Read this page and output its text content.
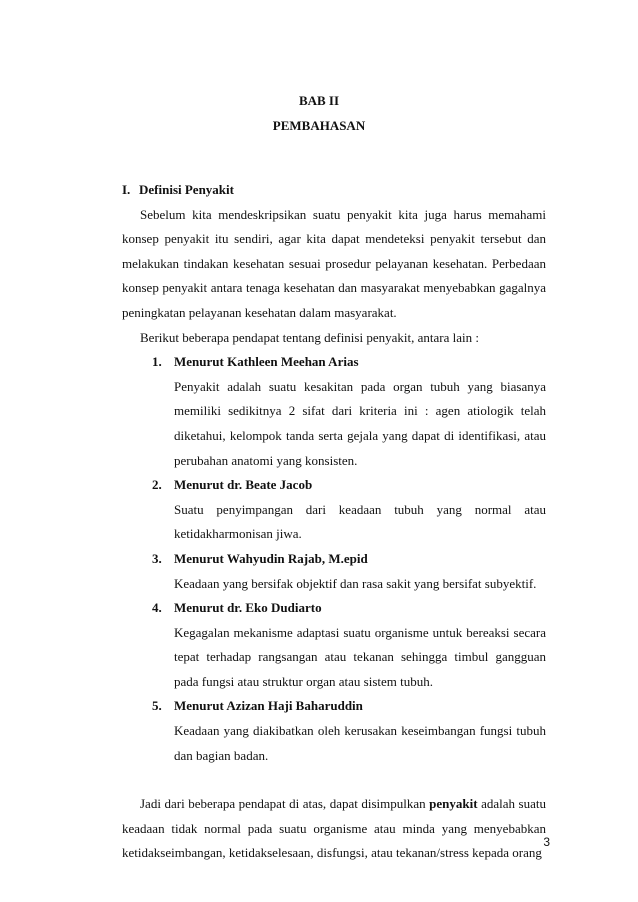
BAB II
PEMBAHASAN
I. Definisi Penyakit

Sebelum kita mendeskripsikan suatu penyakit kita juga harus memahami konsep penyakit itu sendiri, agar kita dapat mendeteksi penyakit tersebut dan melakukan tindakan kesehatan sesuai prosedur pelayanan kesehatan. Perbedaan konsep penyakit antara tenaga kesehatan dan masyarakat menyebabkan gagalnya peningkatan pelayanan kesehatan dalam masyarakat.

Berikut beberapa pendapat tentang definisi penyakit, antara lain :

1. Menurut Kathleen Meehan Arias
Penyakit adalah suatu kesakitan pada organ tubuh yang biasanya memiliki sedikitnya 2 sifat dari kriteria ini : agen atiologik telah diketahui, kelompok tanda serta gejala yang dapat di identifikasi, atau perubahan anatomi yang konsisten.
2. Menurut dr. Beate Jacob
Suatu penyimpangan dari keadaan tubuh yang normal atau ketidakharmonisan jiwa.
3. Menurut Wahyudin Rajab, M.epid
Keadaan yang bersifak objektif dan rasa sakit yang bersifat subyektif.
4. Menurut dr. Eko Dudiarto
Kegagalan mekanisme adaptasi suatu organisme untuk bereaksi secara tepat terhadap rangsangan atau tekanan sehingga timbul gangguan pada fungsi atau struktur organ atau sistem tubuh.
5. Menurut Azizan Haji Baharuddin
Keadaan yang diakibatkan oleh kerusakan keseimbangan fungsi tubuh dan bagian badan.

Jadi dari beberapa pendapat di atas, dapat disimpulkan penyakit adalah suatu keadaan tidak normal pada suatu organisme atau minda yang menyebabkan ketidakseimbangan, ketidakselesaan, disfungsi, atau tekanan/stress kepada orang

3
